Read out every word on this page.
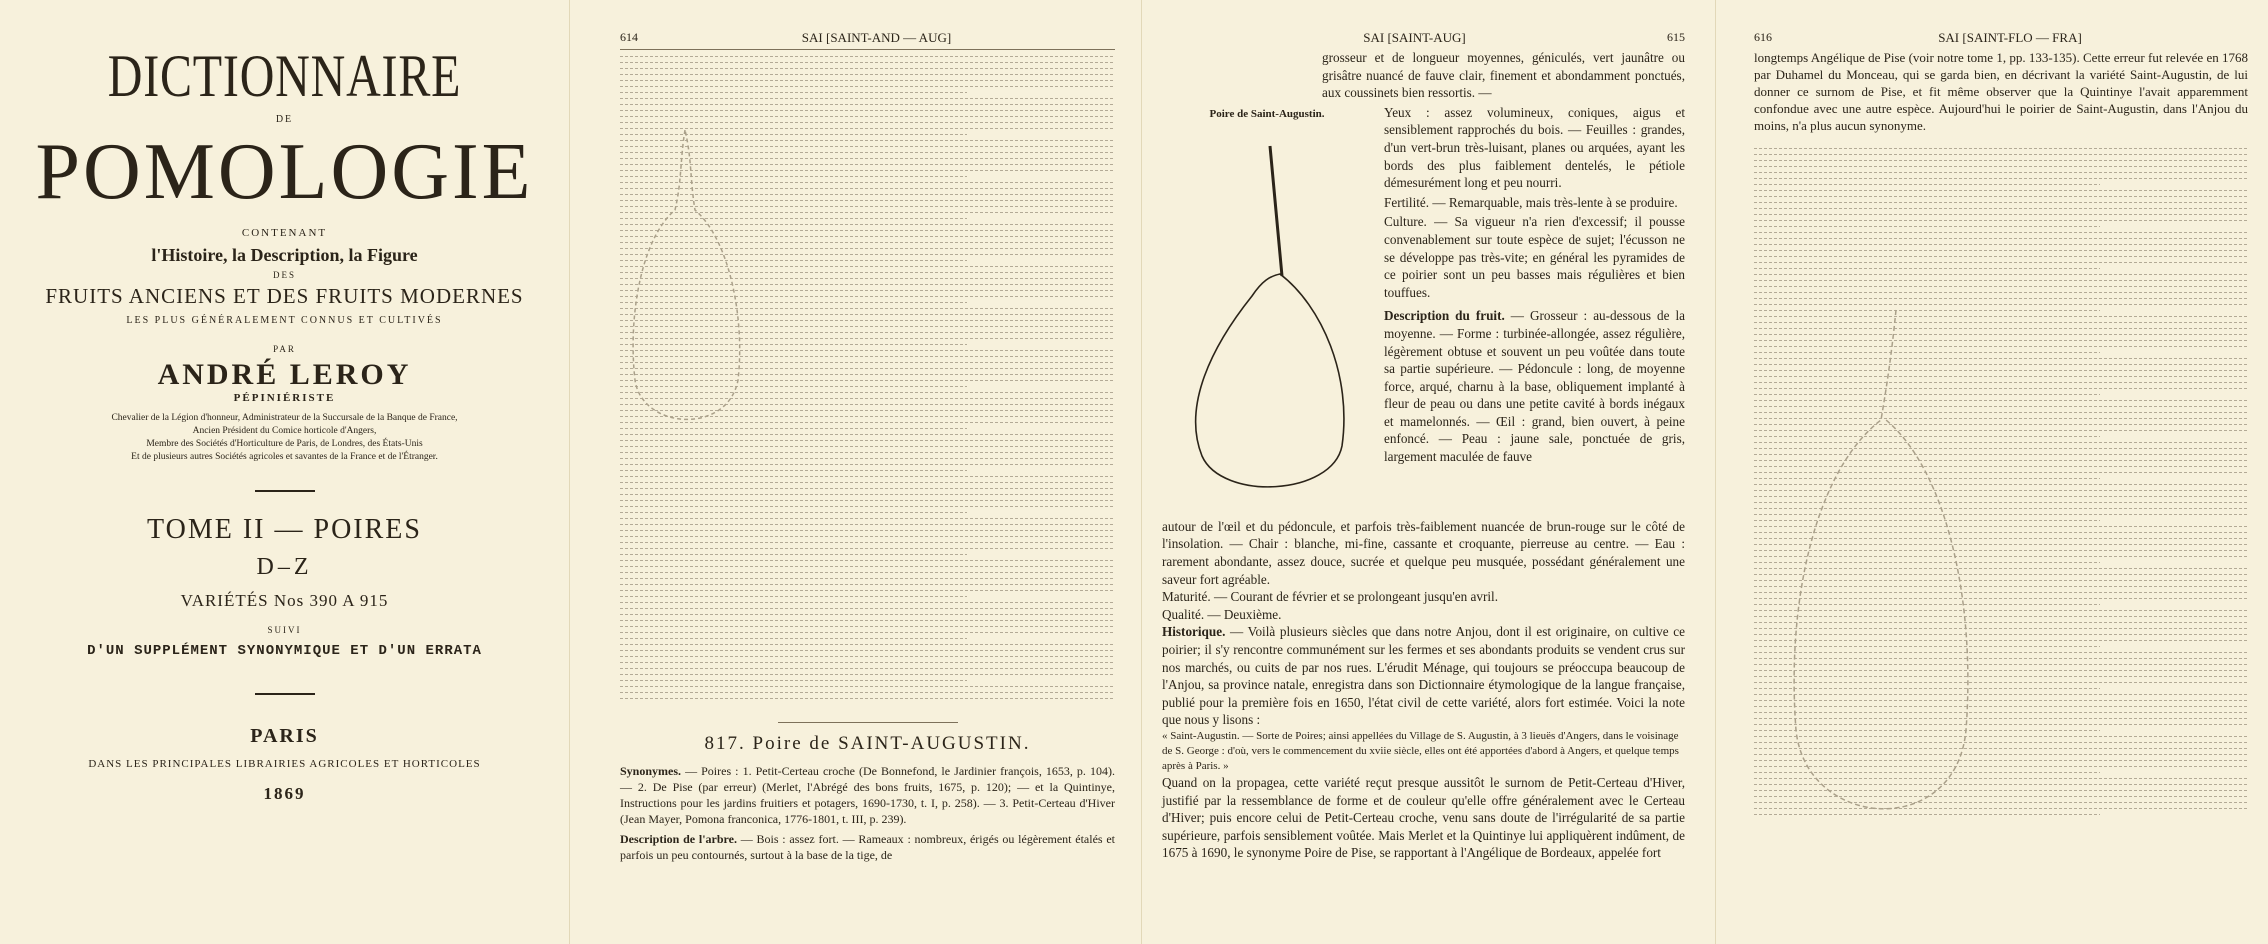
DICTIONNAIRE
DE
POMOLOGIE
CONTENANT
l'Histoire, la Description, la Figure
DES
FRUITS ANCIENS ET DES FRUITS MODERNES
LES PLUS GÉNÉRALEMENT CONNUS ET CULTIVÉS
PAR
ANDRÉ LEROY
PÉPINIÉRISTE
Chevalier de la Légion d'honneur, Administrateur de la Succursale de la Banque de France,
Ancien Président du Comice horticole d'Angers,
Membre des Sociétés d'Horticulture de Paris, de Londres, des États-Unis
Et de plusieurs autres Sociétés agricoles et savantes de la France et de l'Étranger.
TOME II — POIRES
D–Z
VARIÉTÉS Nos 390 A 915
SUIVI
D'UN SUPPLÉMENT SYNONYMIQUE ET D'UN ERRATA
PARIS
DANS LES PRINCIPALES LIBRAIRIES AGRICOLES ET HORTICOLES
1869
614	SAI [SAINT-AND — AUG]
817. Poire de SAINT-AUGUSTIN.
Synonymes. — Poires : 1. Petit-Certeau croche (De Bonnefond, le Jardinier françois, 1653, p. 104). — 2. De Pise (par erreur) (Merlet, l'Abrégé des bons fruits, 1675, p. 120); — et la Quintinye, Instructions pour les jardins fruitiers et potagers, 1690-1730, t. I, p. 258). — 3. Petit-Certeau d'Hiver (Jean Mayer, Pomona franconica, 1776-1801, t. III, p. 239).
Description de l'arbre. — Bois : assez fort. — Rameaux : nombreux, érigés ou légèrement étalés et parfois un peu contournés, surtout à la base de la tige, de
SAI [SAINT-AUG]	615
grosseur et de longueur moyennes, géniculés, vert jaunâtre ou grisâtre nuancé de fauve clair, finement et abondamment ponctués, aux coussinets bien ressortis. —
Poire de Saint-Augustin.	Yeux : assez volumineux, coniques, aigus et sensiblement rapprochés du bois. — Feuilles : grandes, d'un vert-brun très-luisant, planes ou arquées, ayant les bords des plus faiblement dentelés, le pétiole démesurément long et peu nourri.
Fertilité. — Remarquable, mais très-lente à se produire.
Culture. — Sa vigueur n'a rien d'excessif; il pousse convenablement sur toute espèce de sujet; l'écusson ne se développe pas très-vite; en général les pyramides de ce poirier sont un peu basses mais régulières et bien touffues.
Description du fruit. — Grosseur : au-dessous de la moyenne. — Forme : turbinée-allongée, assez régulière, légèrement obtuse et souvent un peu voûtée dans toute sa partie supérieure. — Pédoncule : long, de moyenne force, arqué, charnu à la base, obliquement implanté à fleur de peau ou dans une petite cavité à bords inégaux et mamelonnés. — Œil : grand, bien ouvert, à peine enfoncé. — Peau : jaune sale, ponctuée de gris, largement maculée de fauve
autour de l'œil et du pédoncule, et parfois très-faiblement nuancée de brun-rouge sur le côté de l'insolation. — Chair : blanche, mi-fine, cassante et croquante, pierreuse au centre. — Eau : rarement abondante, assez douce, sucrée et quelque peu musquée, possédant généralement une saveur fort agréable.
Maturité. — Courant de février et se prolongeant jusqu'en avril.
Qualité. — Deuxième.
Historique. — Voilà plusieurs siècles que dans notre Anjou, dont il est originaire, on cultive ce poirier; il s'y rencontre communément sur les fermes et ses abondants produits se vendent crus sur nos marchés, ou cuits de par nos rues. L'érudit Ménage, qui toujours se préoccupa beaucoup de l'Anjou, sa province natale, enregistra dans son Dictionnaire étymologique de la langue française, publié pour la première fois en 1650, l'état civil de cette variété, alors fort estimée. Voici la note que nous y lisons :
« Saint-Augustin. — Sorte de Poires; ainsi appellées du Village de S. Augustin, à 3 lieuës d'Angers, dans le voisinage de S. George : d'où, vers le commencement du xviie siècle, elles ont été apportées d'abord à Angers, et quelque temps après à Paris. »
Quand on la propagea, cette variété reçut presque aussitôt le surnom de Petit-Certeau d'Hiver, justifié par la ressemblance de forme et de couleur qu'elle offre généralement avec le Certeau d'Hiver; puis encore celui de Petit-Certeau croche, venu sans doute de l'irrégularité de sa partie supérieure, parfois sensiblement voûtée. Mais Merlet et la Quintinye lui appliquèrent indûment, de 1675 à 1690, le synonyme Poire de Pise, se rapportant à l'Angélique de Bordeaux, appelée fort
616	SAI [SAINT-FLO — FRA]
longtemps Angélique de Pise (voir notre tome 1, pp. 133-135). Cette erreur fut relevée en 1768 par Duhamel du Monceau, qui se garda bien, en décrivant la variété Saint-Augustin, de lui donner ce surnom de Pise, et fit même observer que la Quintinye l'avait apparemment confondue avec une autre espèce. Aujourd'hui le poirier de Saint-Augustin, dans l'Anjou du moins, n'a plus aucun synonyme.
